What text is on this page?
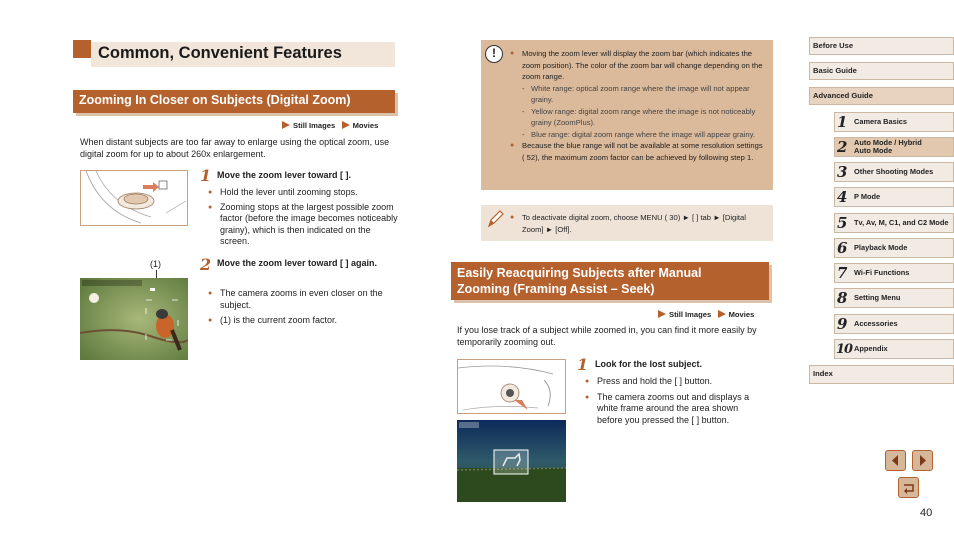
Common, Convenient Features
Zooming In Closer on Subjects (Digital Zoom)
Still Images Movies
When distant subjects are too far away to enlarge using the optical zoom, use digital zoom for up to about 260x enlargement.
1 Move the zoom lever toward [ ].
● Hold the lever until zooming stops.
● Zooming stops at the largest possible zoom factor (before the image becomes noticeably grainy), which is then indicated on the screen.
(1) 2 Move the zoom lever toward [ ] again.
● The camera zooms in even closer on the subject.
● (1) is the current zoom factor.
!
●	Moving the zoom lever will display the zoom bar (which indicates the zoom position). The color of the zoom bar will change depending on the zoom range.
- White range: optical zoom range where the image will not appear grainy.
- Yellow range: digital zoom range where the image is not noticeably grainy (ZoomPlus).
- Blue range: digital zoom range where the image will appear grainy.
● Because the blue range will not be available at some resolution settings ( 52), the maximum zoom factor can be achieved by following step 1.
● To deactivate digital zoom, choose MENU ( 30) ► [ ] tab ► [Digital Zoom] ► [Off].
Easily Reacquiring Subjects after Manual Zooming (Framing Assist – Seek)
Still Images Movies
If you lose track of a subject while zoomed in, you can find it more easily by temporarily zooming out.
1 Look for the lost subject.
● Press and hold the [ ] button.
● The camera zooms out and displays a white frame around the area shown before you pressed the [ ] button.
Before Use
Basic Guide
Advanced Guide
1 Camera Basics
2 Auto Mode / Hybrid Auto Mode
3 Other Shooting Modes
4 P Mode
5 Tv, Av, M, C1, and C2 Mode
6 Playback Mode
7 Wi-Fi Functions
8 Setting Menu
9 Accessories
10 Appendix
Index
40
